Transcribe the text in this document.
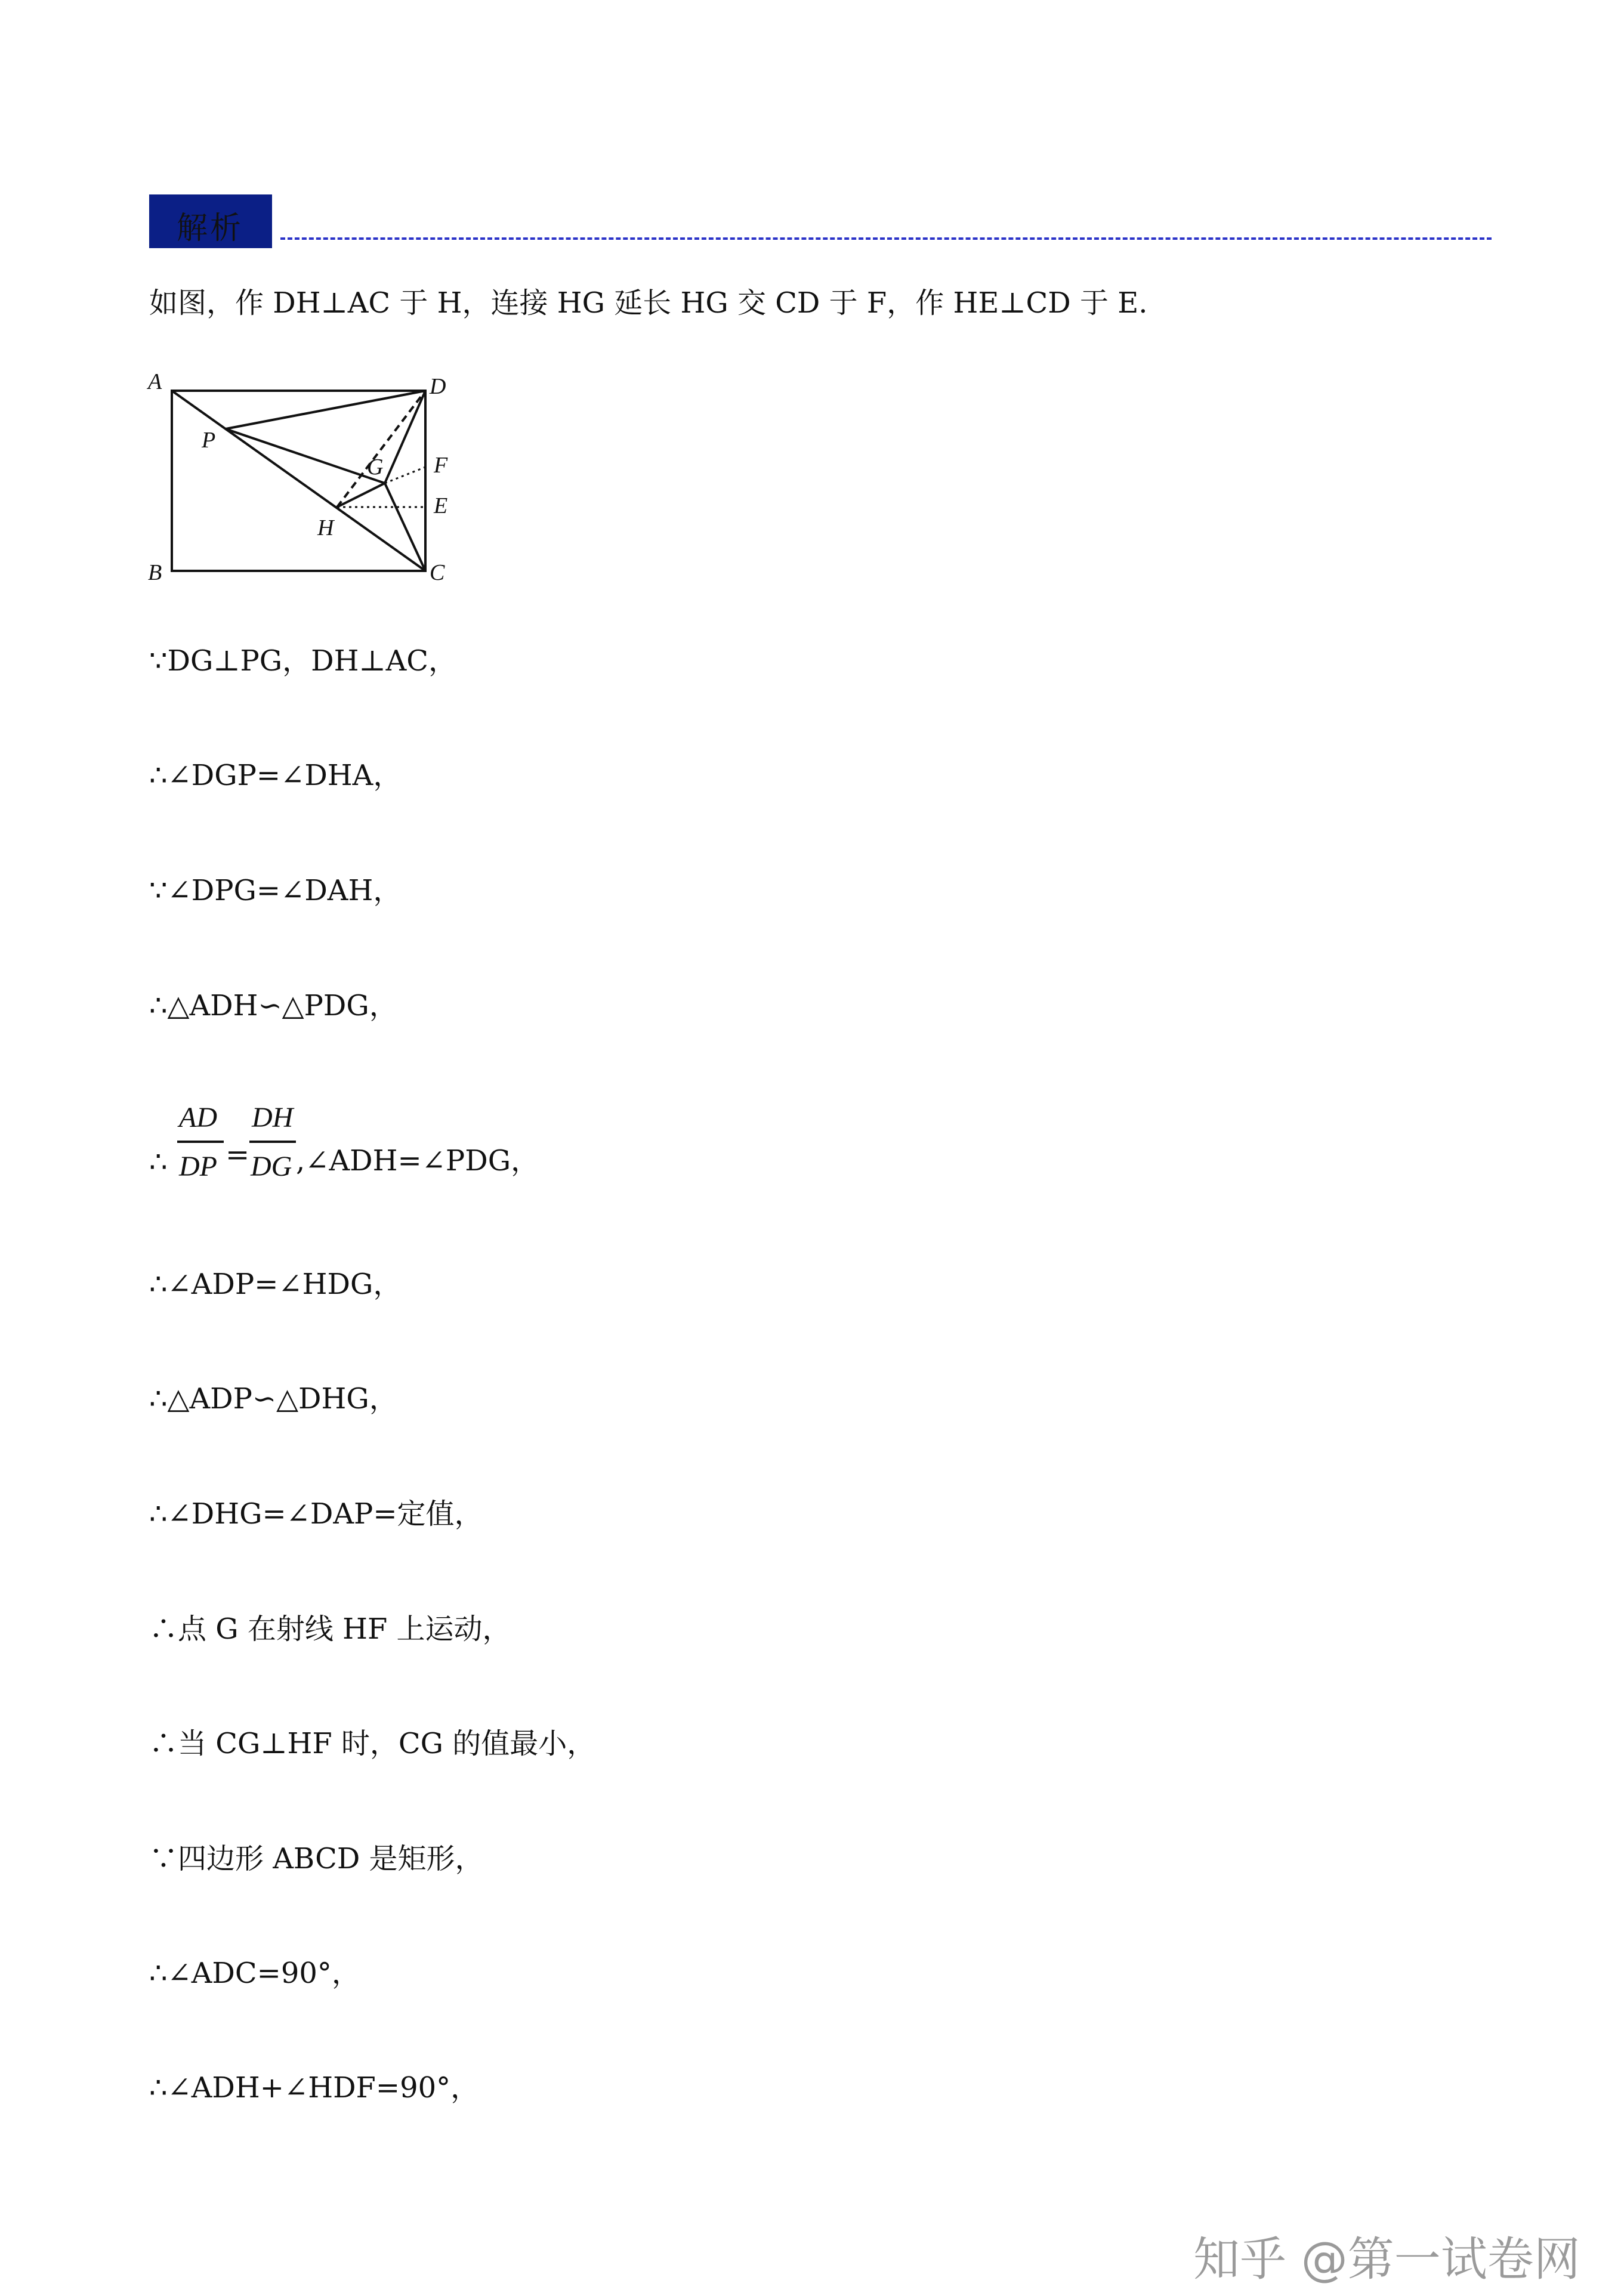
解析
如图，作 DH⊥AC 于 H，连接 HG 延长 HG 交 CD 于 F，作 HE⊥CD 于 E.
A	D
B	C
P
G
H
F
E
∵DG⊥PG，DH⊥AC，
∴∠DGP=∠DHA，
∵∠DPG=∠DAH，
∴△ADH∽△PDG，
∴
AD
DP =
DH
DG ,∠ADH=∠PDG，
∴∠ADP=∠HDG，
∴△ADP∽△DHG，
∴∠DHG=∠DAP=定值，
∴点 G 在射线 HF 上运动，
∴当 CG⊥HF 时，CG 的值最小，
∵四边形 ABCD 是矩形，
∴∠ADC=90°，
∴∠ADH+∠HDF=90°，
知乎 @第一试卷网
